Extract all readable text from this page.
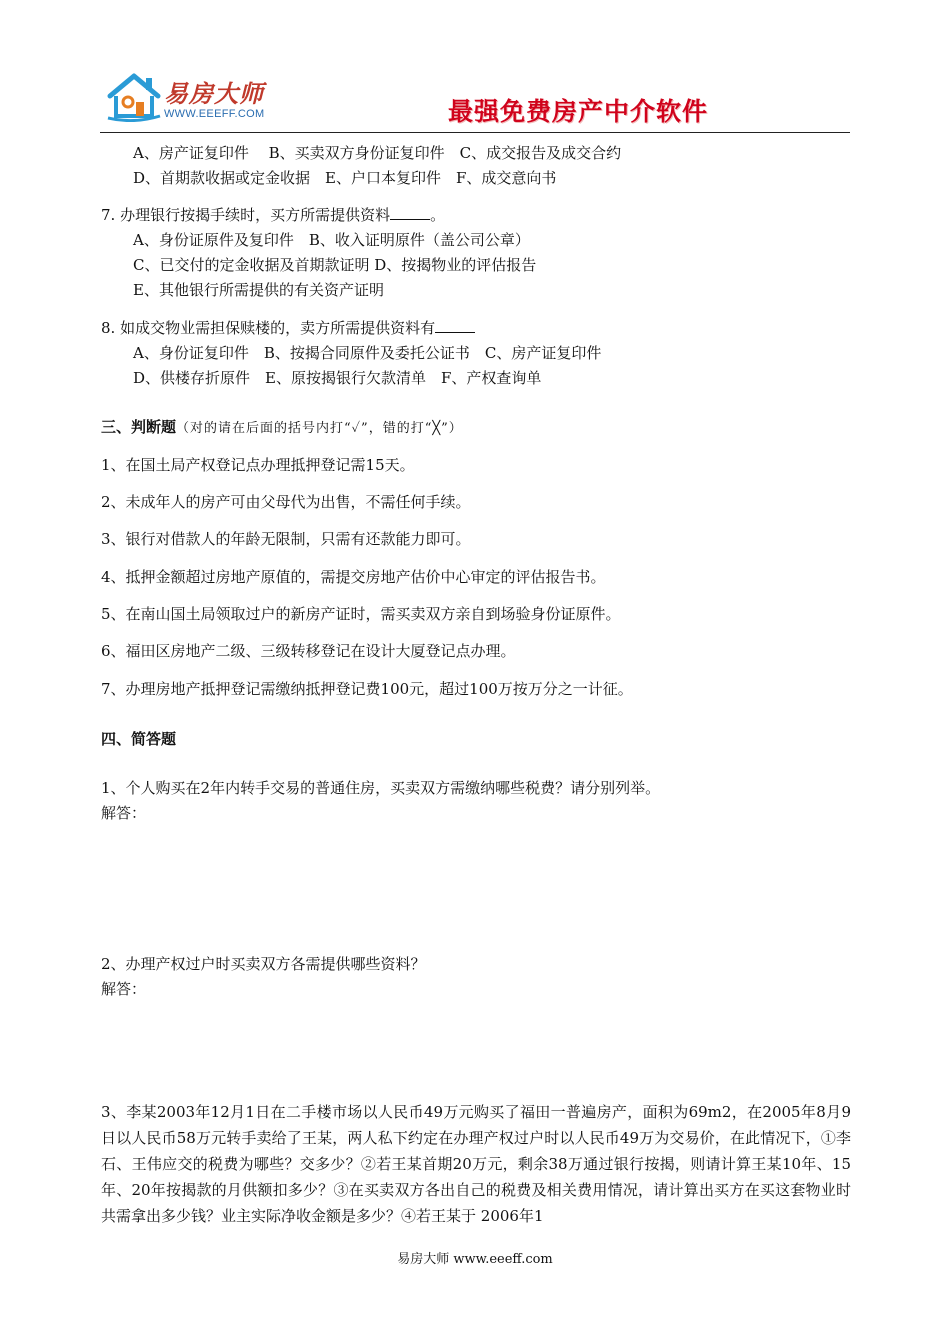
易房大师
WWW.EEEFF.COM	最强免费房产中介软件
A、房产证复印件　 B、买卖双方身份证复印件　C、成交报告及成交合约
D、首期款收据或定金收据　E、户口本复印件　F、成交意向书
7. 办理银行按揭手续时，买方所需提供资料	。
A、身份证原件及复印件　B、收入证明原件（盖公司公章）
C、已交付的定金收据及首期款证明 D、按揭物业的评估报告
E、其他银行所需提供的有关资产证明
8. 如成交物业需担保赎楼的，卖方所需提供资料有
A、身份证复印件　B、按揭合同原件及委托公证书　C、房产证复印件
D、供楼存折原件　E、原按揭银行欠款清单　F、产权查询单
三、判断题（对的请在后面的括号内打“✓”，错的打“╳”）
1、在国土局产权登记点办理抵押登记需15天。
2、未成年人的房产可由父母代为出售，不需任何手续。
3、银行对借款人的年龄无限制，只需有还款能力即可。
4、抵押金额超过房地产原值的，需提交房地产估价中心审定的评估报告书。
5、在南山国土局领取过户的新房产证时，需买卖双方亲自到场验身份证原件。
6、福田区房地产二级、三级转移登记在设计大厦登记点办理。
7、办理房地产抵押登记需缴纳抵押登记费100元，超过100万按万分之一计征。
四、简答题
1、个人购买在2年内转手交易的普通住房，买卖双方需缴纳哪些税费？请分别列举。
解答：
2、办理产权过户时买卖双方各需提供哪些资料？
解答：
3、李某2003年12月1日在二手楼市场以人民币49万元购买了福田一普遍房产，面积为69m2，在2005年8月9日以人民币58万元转手卖给了王某，两人私下约定在办理产权过户时以人民币49万为交易价，在此情况下，①李石、王伟应交的税费为哪些？交多少？②若王某首期20万元，剩余38万通过银行按揭，则请计算王某10年、15年、20年按揭款的月供额扣多少？③在买卖双方各出自己的税费及相关费用情况，请计算出买方在买这套物业时共需拿出多少钱？业主实际净收金额是多少？④若王某于 2006年1
易房大师 www.eeeff.com
